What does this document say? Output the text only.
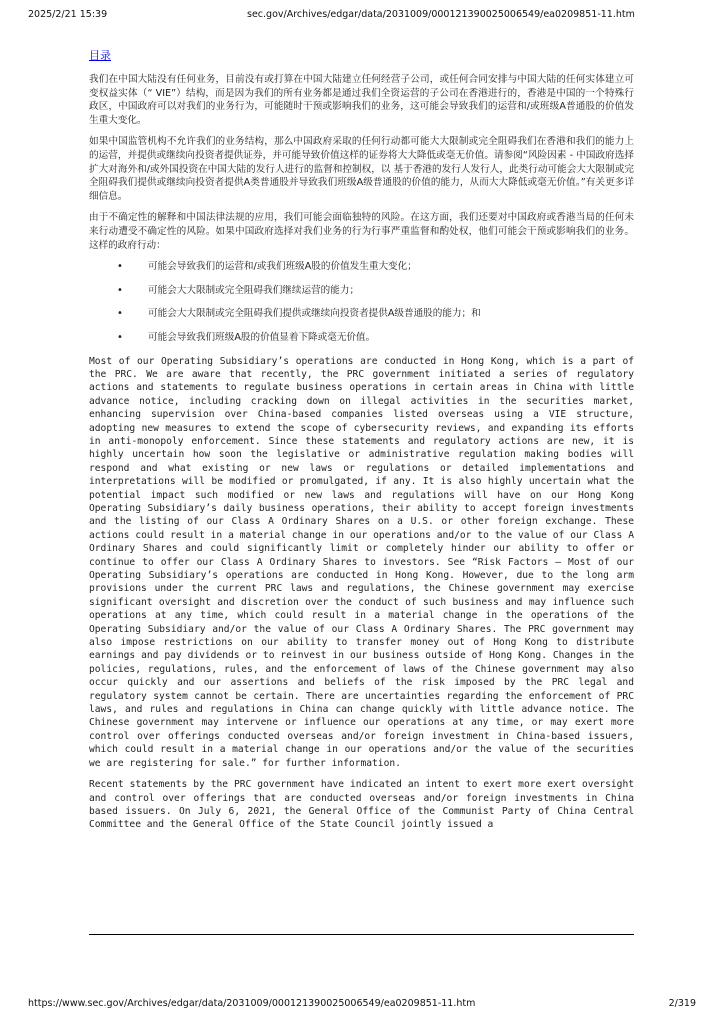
2025/2/21 15:39	sec.gov/Archives/edgar/data/2031009/000121390025006549/ea0209851-11.htm
目录

我们在中国大陆没有任何业务，目前没有或打算在中国大陆建立任何经营子公司，或任何合同安排与中国大陆的任何实体建立可变权益实体（“ VIE”）结构，而是因为我们的所有业务都是通过我们全资运营的子公司在香港进行的，香港是中国的一个特殊行政区，中国政府可以对我们的业务行为，可能随时干预或影响我们的业务，这可能会导致我们的运营和/或班级A普通股的价值发生重大变化。

如果中国监管机构不允许我们的业务结构，那么中国政府采取的任何行动都可能大大限制或完全阻碍我们在香港和我们的能力上的运营，并提供或继续向投资者提供证券，并可能导致价值这样的证券将大大降低或毫无价值。请参阅“风险因素 - 中国政府选择扩大对海外和/或外国投资在中国大陆的发行人进行的监督和控制权，以 基于香港的发行人发行人，此类行动可能会大大限制或完全阻碍我们提供或继续向投资者提供A类普通股并导致我们班级A级普通股的价值的能力，从而大大降低或毫无价值。”有关更多详细信息。

由于不确定性的解释和中国法律法规的应用，我们可能会面临独特的风险。在这方面，我们还要对中国政府或香港当局的任何未来行动遭受不确定性的风险。如果中国政府选择对我们业务的行为行事严重监督和酌处权，他们可能会干预或影响我们的业务。这样的政府行动：

•	可能会导致我们的运营和/或我们班级A股的价值发生重大变化；
•	可能会大大限制或完全阻碍我们继续运营的能力；
•	可能会大大限制或完全阻碍我们提供或继续向投资者提供A级普通股的能力；和
•	可能会导致我们班级A股的价值显着下降或毫无价值。

Most of our Operating Subsidiary’s operations are conducted in Hong Kong, which is a part of the PRC. We are aware that recently, the PRC government initiated a series of regulatory actions and statements to regulate business operations in certain areas in China with little advance notice, including cracking down on illegal activities in the securities market, enhancing supervision over China-based companies listed overseas using a VIE structure, adopting new measures to extend the scope of cybersecurity reviews, and expanding its efforts in anti-monopoly enforcement. Since these statements and regulatory actions are new, it is highly uncertain how soon the legislative or administrative regulation making bodies will respond and what existing or new laws or regulations or detailed implementations and interpretations will be modified or promulgated, if any. It is also highly uncertain what the potential impact such modified or new laws and regulations will have on our Hong Kong Operating Subsidiary’s daily business operations, their ability to accept foreign investments and the listing of our Class A Ordinary Shares on a U.S. or other foreign exchange. These actions could result in a material change in our operations and/or to the value of our Class A Ordinary Shares and could significantly limit or completely hinder our ability to offer or continue to offer our Class A Ordinary Shares to investors. See “Risk Factors — Most of our Operating Subsidiary’s operations are conducted in Hong Kong. However, due to the long arm provisions under the current PRC laws and regulations, the Chinese government may exercise significant oversight and discretion over the conduct of such business and may influence such operations at any time, which could result in a material change in the operations of the Operating Subsidiary and/or the value of our Class A Ordinary Shares. The PRC government may also impose restrictions on our ability to transfer money out of Hong Kong to distribute earnings and pay dividends or to reinvest in our business outside of Hong Kong. Changes in the policies, regulations, rules, and the enforcement of laws of the Chinese government may also occur quickly and our assertions and beliefs of the risk imposed by the PRC legal and regulatory system cannot be certain. There are uncertainties regarding the enforcement of PRC laws, and rules and regulations in China can change quickly with little advance notice. The Chinese government may intervene or influence our operations at any time, or may exert more control over offerings conducted overseas and/or foreign investment in China-based issuers, which could result in a material change in our operations and/or the value of the securities we are registering for sale.” for further information.

Recent statements by the PRC government have indicated an intent to exert more exert oversight and control over offerings that are conducted overseas and/or foreign investments in China based issuers. On July 6, 2021, the General Office of the Communist Party of China Central Committee and the General Office of the State Council jointly issued a

https://www.sec.gov/Archives/edgar/data/2031009/000121390025006549/ea0209851-11.htm	2/319
